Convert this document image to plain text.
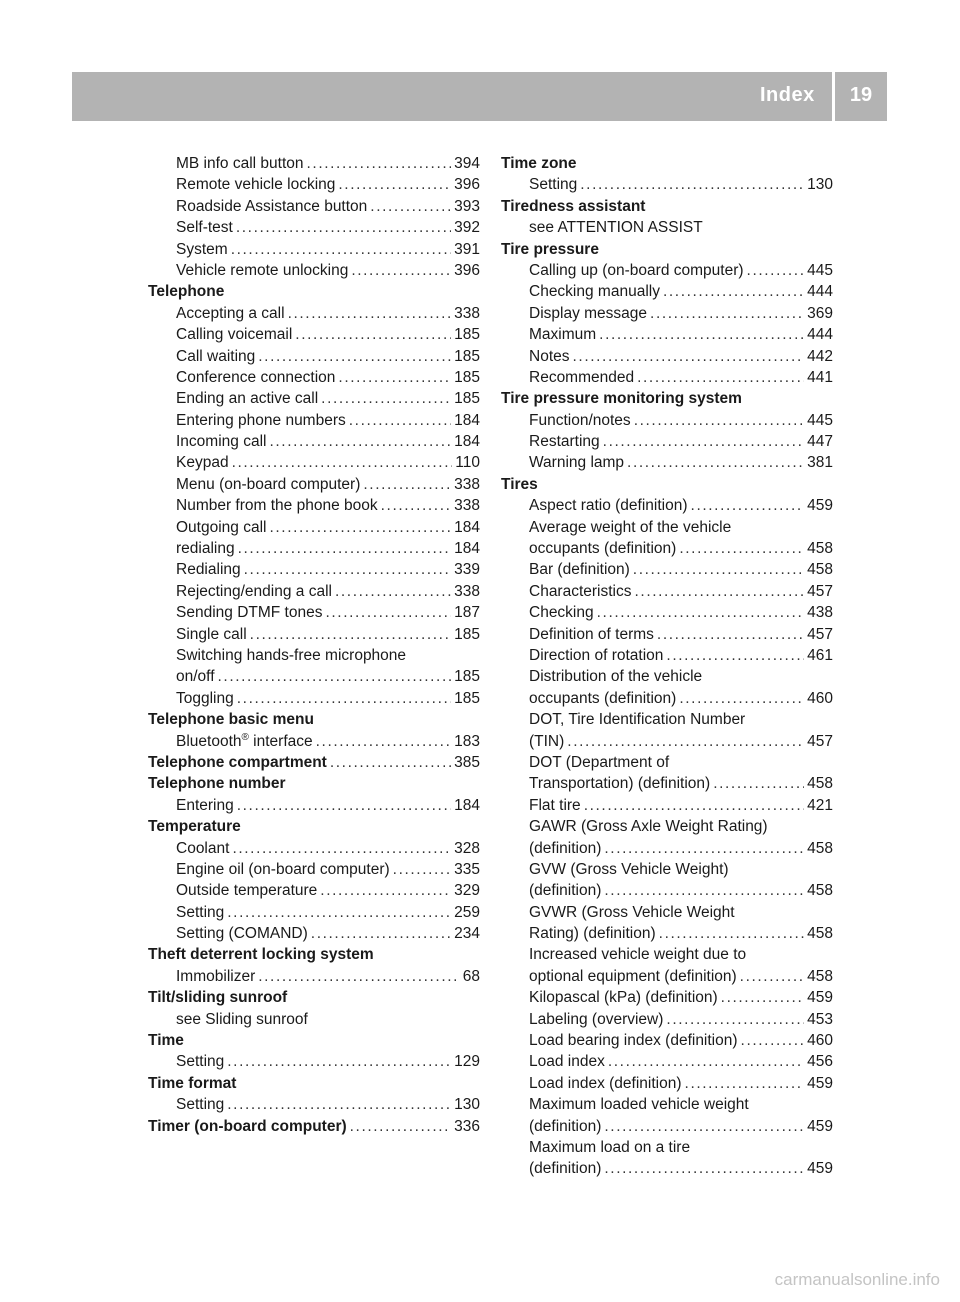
Index	19
MB info call button .....	394
Remote vehicle locking .....	396
Roadside Assistance button .....	393
Self-test .....	392
System .....	391
Vehicle remote unlocking .....	396
Telephone
Accepting a call .....	338
Calling voicemail .....	185
Call waiting .....	185
Conference connection .....	185
Ending an active call .....	185
Entering phone numbers .....	184
Incoming call .....	184
Keypad .....	110
Menu (on-board computer) .....	338
Number from the phone book .....	338
Outgoing call .....	184
redialing .....	184
Redialing .....	339
Rejecting/ending a call .....	338
Sending DTMF tones .....	187
Single call .....	185
Switching hands-free microphone
on/off .....	185
Toggling .....	185
Telephone basic menu
Bluetooth® interface .....	183
Telephone compartment .....	385
Telephone number
Entering .....	184
Temperature
Coolant .....	328
Engine oil (on-board computer) .....	335
Outside temperature .....	329
Setting .....	259
Setting (COMAND) .....	234
Theft deterrent locking system
Immobilizer .....	68
Tilt/sliding sunroof
see Sliding sunroof
Time
Setting .....	129
Time format
Setting .....	130
Timer (on-board computer) .....	336
Time zone
Setting .....	130
Tiredness assistant
see ATTENTION ASSIST
Tire pressure
Calling up (on-board computer) .....	445
Checking manually .....	444
Display message .....	369
Maximum .....	444
Notes .....	442
Recommended .....	441
Tire pressure monitoring system
Function/notes .....	445
Restarting .....	447
Warning lamp .....	381
Tires
Aspect ratio (definition) .....	459
Average weight of the vehicle
occupants (definition) .....	458
Bar (definition) .....	458
Characteristics .....	457
Checking .....	438
Definition of terms .....	457
Direction of rotation .....	461
Distribution of the vehicle
occupants (definition) .....	460
DOT, Tire Identification Number
(TIN) .....	457
DOT (Department of
Transportation) (definition) .....	458
Flat tire .....	421
GAWR (Gross Axle Weight Rating)
(definition) .....	458
GVW (Gross Vehicle Weight)
(definition) .....	458
GVWR (Gross Vehicle Weight
Rating) (definition) .....	458
Increased vehicle weight due to
optional equipment (definition) .....	458
Kilopascal (kPa) (definition) .....	459
Labeling (overview) .....	453
Load bearing index (definition) .....	460
Load index .....	456
Load index (definition) .....	459
Maximum loaded vehicle weight
(definition) .....	459
Maximum load on a tire
(definition) .....	459
carmanualsonline.info
